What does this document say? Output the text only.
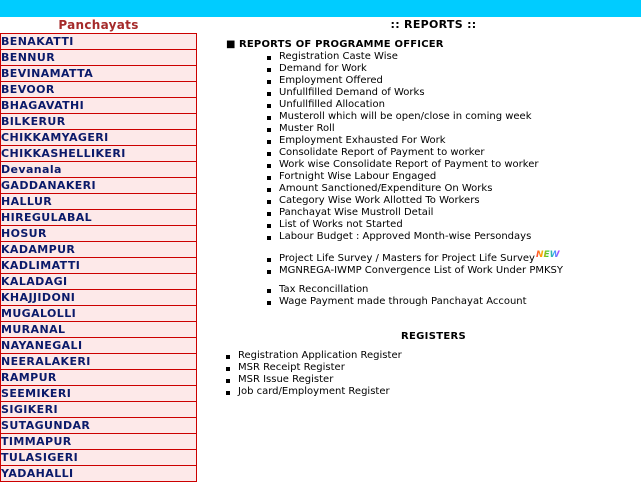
Panchayats
BENAKATTI
BENNUR
BEVINAMATTA
BEVOOR
BHAGAVATHI
BILKERUR
CHIKKAMYAGERI
CHIKKASHELLIKERI
Devanala
GADDANAKERI
HALLUR
HIREGULABAL
HOSUR
KADAMPUR
KADLIMATTI
KALADAGI
KHAJJIDONI
MUGALOLLI
MURANAL
NAYANEGALI
NEERALAKERI
RAMPUR
SEEMIKERI
SIGIKERI
SUTAGUNDAR
TIMMAPUR
TULASIGERI
YADAHALLI
:: REPORTS ::
■ REPORTS OF PROGRAMME OFFICER
Registration Caste Wise
Demand for Work
Employment Offered
Unfullfilled Demand of Works
Unfullfilled Allocation
Musteroll which will be open/close in coming week
Muster Roll
Employment Exhausted For Work
Consolidate Report of Payment to worker
Work wise Consolidate Report of Payment to worker
Fortnight Wise Labour Engaged
Amount Sanctioned/Expenditure On Works
Category Wise Work Allotted To Workers
Panchayat Wise Mustroll Detail
List of Works not Started
Labour Budget : Approved Month-wise Persondays
Project Life Survey / Masters for Project Life SurveyNEW
MGNREGA-IWMP Convergence List of Work Under PMKSY
Tax Reconcillation
Wage Payment made through Panchayat Account
REGISTERS
Registration Application Register
MSR Receipt Register
MSR Issue Register
Job card/Employment Register
